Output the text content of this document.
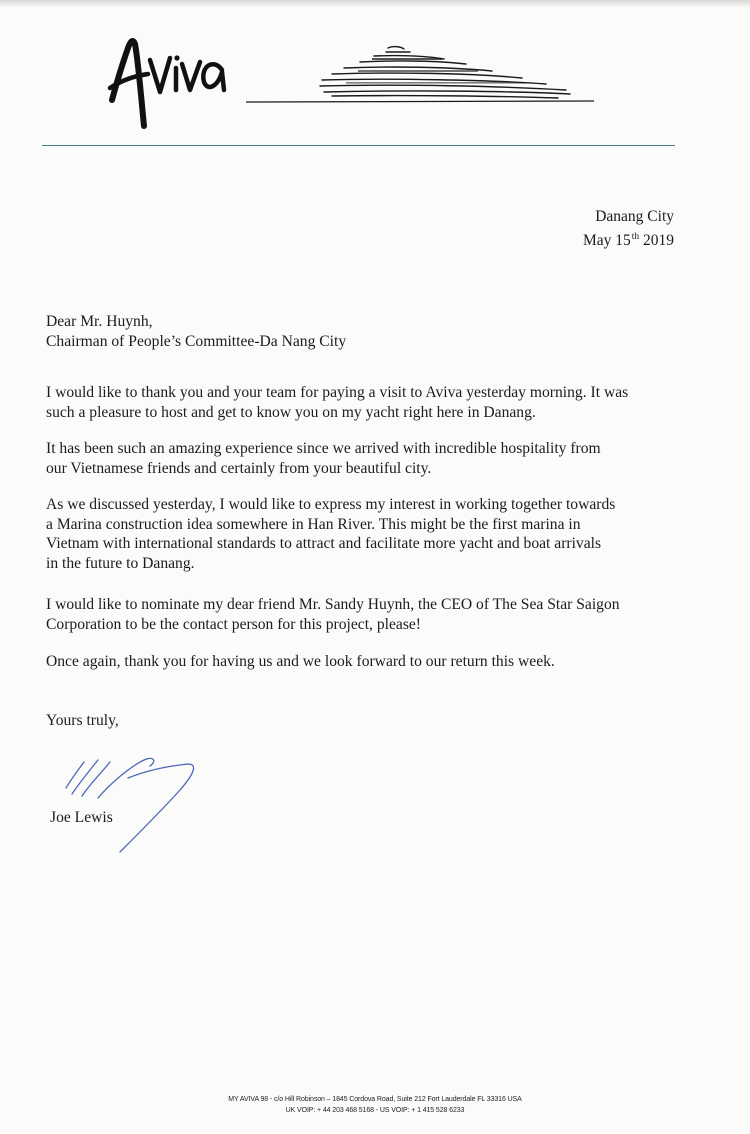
Danang City
May 15th 2019
Dear Mr. Huynh,
Chairman of People’s Committee-Da Nang City
I would like to thank you and your team for paying a visit to Aviva yesterday morning. It was
such a pleasure to host and get to know you on my yacht right here in Danang.
It has been such an amazing experience since we arrived with incredible hospitality from
our Vietnamese friends and certainly from your beautiful city.
As we discussed yesterday, I would like to express my interest in working together towards
a Marina construction idea somewhere in Han River. This might be the first marina in
Vietnam with international standards to attract and facilitate more yacht and boat arrivals
in the future to Danang.
I would like to nominate my dear friend Mr. Sandy Huynh, the CEO of The Sea Star Saigon
Corporation to be the contact person for this project, please!
Once again, thank you for having us and we look forward to our return this week.
Yours truly,
Joe Lewis
MY AVIVA 98 - c/o Hill Robinson – 1845 Cordova Road, Suite 212 Fort Lauderdale FL 33316 USA
UK VOIP: + 44 203 468 5168 - US VOIP: + 1 415 528 6233
